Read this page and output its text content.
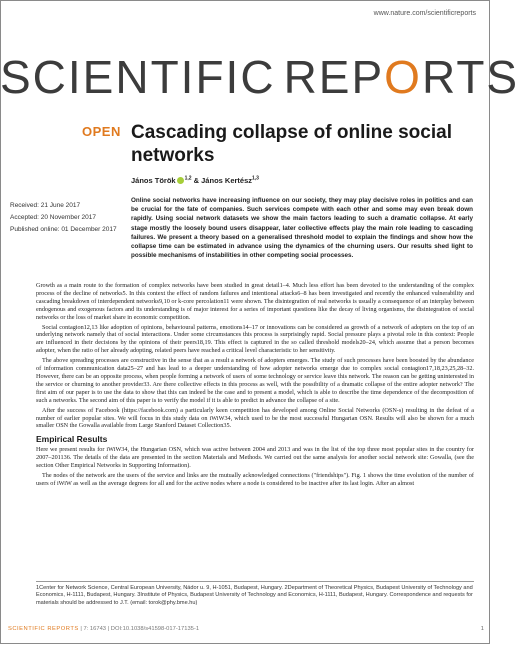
www.nature.com/scientificreports
SCIENTIFIC REPORTS
OPEN Cascading collapse of online social networks
János Török $^{1,2}$ & János Kertész$^{1,3}$
Received: 21 June 2017
Accepted: 20 November 2017
Published online: 01 December 2017
Online social networks have increasing influence on our society, they may play decisive roles in politics and can be crucial for the fate of companies. Such services compete with each other and some may even break down rapidly. Using social network datasets we show the main factors leading to such a dramatic collapse. At early stage mostly the loosely bound users disappear, later collective effects play the main role leading to cascading failures. We present a theory based on a generalised threshold model to explain the findings and show how the collapse time can be estimated in advance using the dynamics of the churning users. Our results shed light to possible mechanisms of instabilities in other competing social processes.

Growth as a main route to the formation of complex networks have been studied in great detail1–4. Much less effort has been devoted to the understanding of the complex process of the decline of networks5. In this context the effect of random failures and intentional attacks6–8 has been investigated and recently the enhanced vulnerability and cascading breakdown of interdependent networks9,10 or k-core percolation11 were shown. The disintegration of real networks is usually a consequence of an interplay between endogenous and exogenous factors and its understanding is of major interest for a series of important questions like the decay of living organisms, the disintegration of social networks or the loss of market share in economic competition.

Social contagion12,13 like adoption of opinions, behavioural patterns, emotions14–17 or innovations can be considered as growth of a network of adopters on the top of an underlying network namely that of social interactions. Under some circumstances this process is surprisingly rapid. Social pressure plays a pivotal role in this context: People are influenced in their decisions by the opinions of their peers18,19. This effect is captured in the so called threshold models20–24, which assume that a person becomes adopter, when the ratio of her already adopting, related peers have reached a critical level characteristic to her sensitivity.

The above spreading processes are constructive in the sense that as a result a network of adopters emerges. The study of such processes have been boosted by the abundance of information communication data25–27 and has lead to a deeper understanding of how adopter networks emerge due to complex social contagion17,18,23,25,28–32. However, there can be an opposite process, when people forming a network of users of some technology or service leave this network. The reason can be getting uninterested in the service or churning to another provider33. Are there collective effects in this process as well, with the possibility of a dramatic collapse of the entire adopter network? The first aim of our paper is to use the data to show that this can indeed be the case and to present a model, which is able to describe the time dependence of the decomposition of such a networks. The second aim of this paper is to verify the model if it is able to predict in advance the collapse of a site.

After the success of Facebook (https://facebook.com) a particularly keen competition has developed among Online Social Networks (OSN-s) resulting in the defeat of a number of earlier popular sites. We will focus in this study data on iWiW34, which used to be the most successful Hungarian OSN. Results will also be shown for a much smaller OSN the Gowalla available from Large Stanford Dataset Collection35.

Empirical Results

Here we present results for iWiW34, the Hungarian OSN, which was active between 2004 and 2013 and was in the list of the top three most popular sites in the country for 2007–201136. The details of the data are presented in the section Materials and Methods. We carried out the same analysis for another social network site: Gowalla, (see the section Other Empirical Networks in Supporting Information).

The nodes of the network are the users of the service and links are the mutually acknowledged connections ("friendships"). Fig. 1 shows the time evolution of the number of users of iWiW as well as the average degrees for all and for the active nodes where a node is considered to be inactive after its last login. After an almost

1Center for Network Science, Central European University, Nádor u. 9, H-1051, Budapest, Hungary. 2Department of Theoretical Physics, Budapest University of Technology and Economics, H-1111, Budapest, Hungary. 3Institute of Physics, Budapest University of Technology and Economics, H-1111, Budapest, Hungary. Correspondence and requests for materials should be addressed to J.T. (email: torok@phy.bme.hu)
SCIENTIFIC REPORTS | 7: 16743 | DOI:10.1038/s41598-017-17135-1	1
